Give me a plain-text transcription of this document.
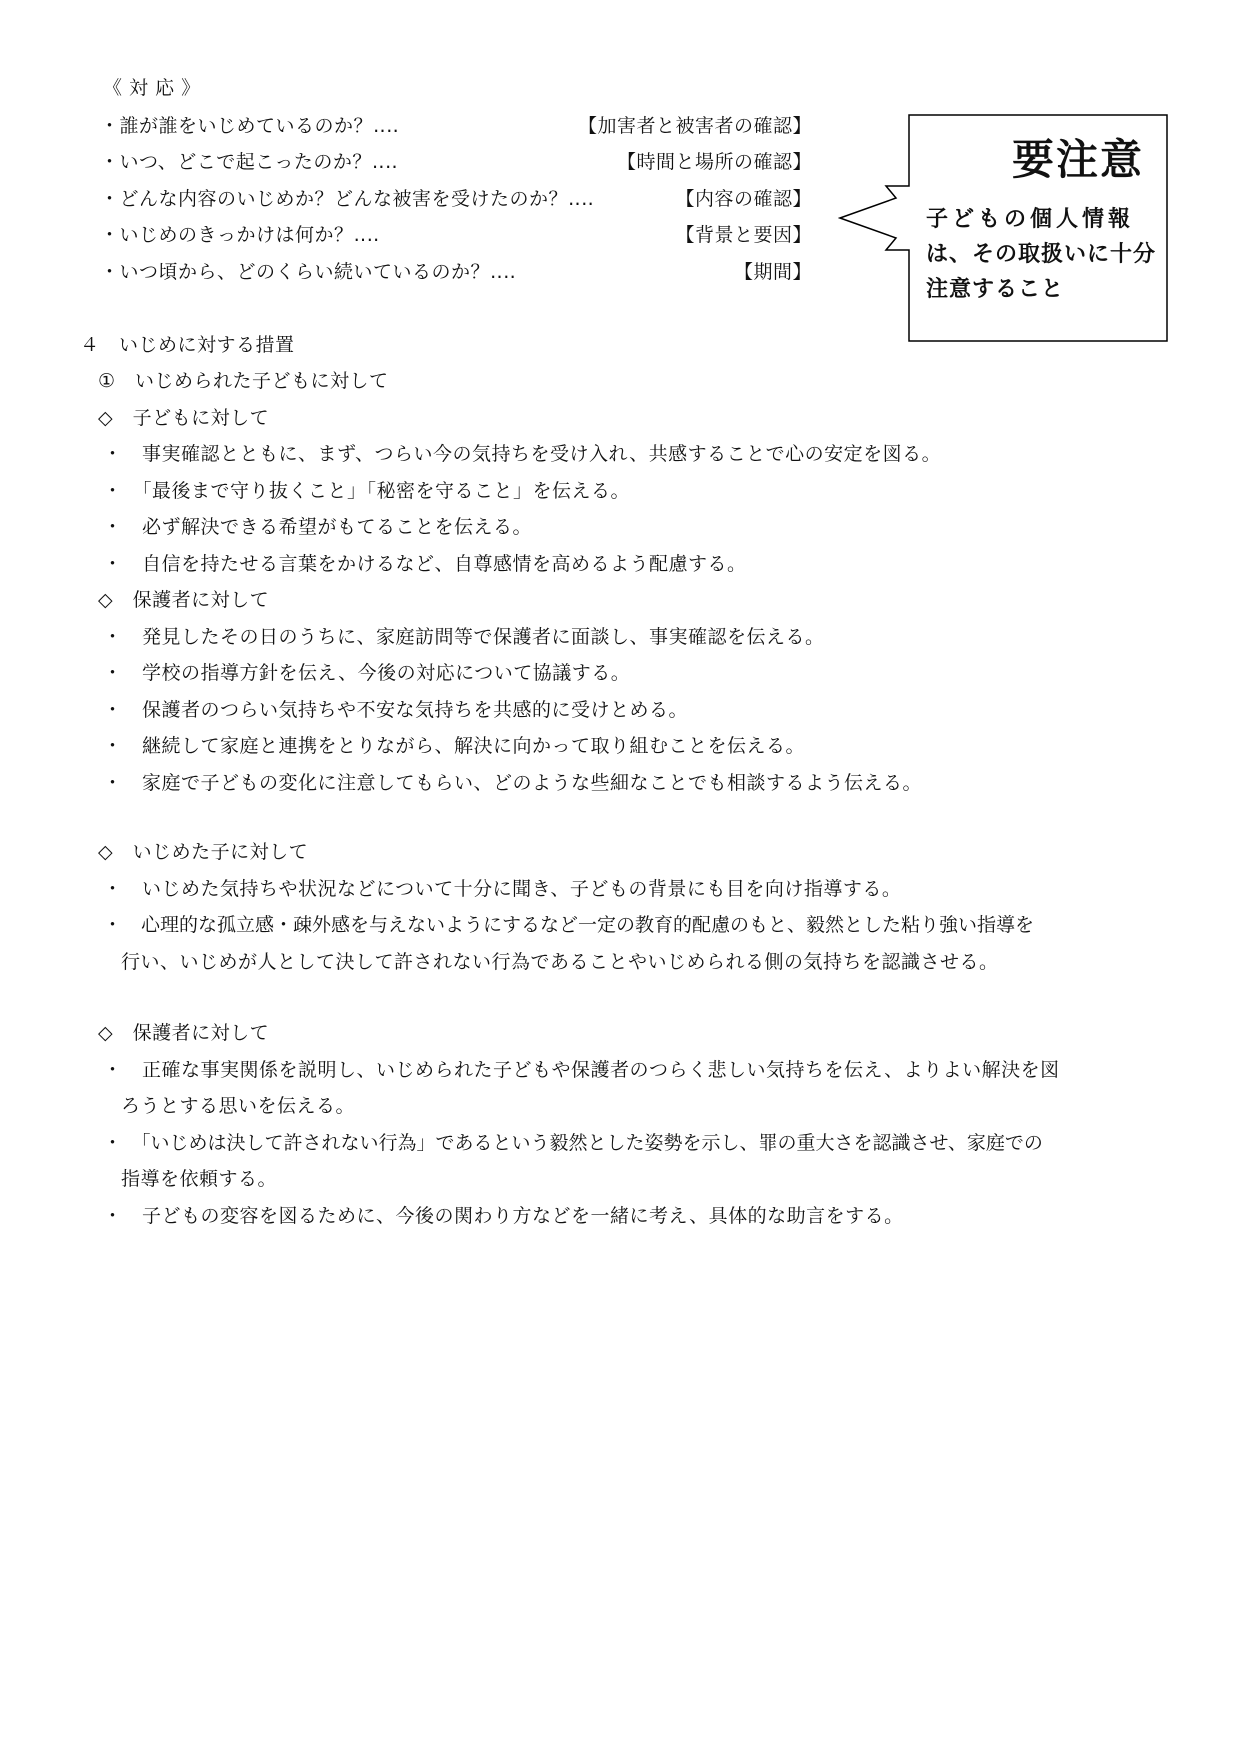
《 対 応 》
・誰が誰をいじめているのか？‥‥	【加害者と被害者の確認】
・いつ、どこで起こったのか？‥‥	【時間と場所の確認】
・どんな内容のいじめか？どんな被害を受けたのか？‥‥	【内容の確認】
・いじめのきっかけは何か？‥‥	【背景と要因】
・いつ頃から、どのくらい続いているのか？‥‥	【期間】
要注意
子どもの個人情報
は、その取扱いに十分
注意すること
４　いじめに対する措置
①　いじめられた子どもに対して
◇　子どもに対して
・　事実確認とともに、まず、つらい今の気持ちを受け入れ、共感することで心の安定を図る。
・　「最後まで守り抜くこと」「秘密を守ること」を伝える。
・　必ず解決できる希望がもてることを伝える。
・　自信を持たせる言葉をかけるなど、自尊感情を高めるよう配慮する。
◇　保護者に対して
・　発見したその日のうちに、家庭訪問等で保護者に面談し、事実確認を伝える。
・　学校の指導方針を伝え、今後の対応について協議する。
・　保護者のつらい気持ちや不安な気持ちを共感的に受けとめる。
・　継続して家庭と連携をとりながら、解決に向かって取り組むことを伝える。
・　家庭で子どもの変化に注意してもらい、どのような些細なことでも相談するよう伝える。
◇　いじめた子に対して
・　いじめた気持ちや状況などについて十分に聞き、子どもの背景にも目を向け指導する。
・　心理的な孤立感・疎外感を与えないようにするなど一定の教育的配慮のもと、毅然とした粘り強い指導を
行い、いじめが人として決して許されない行為であることやいじめられる側の気持ちを認識させる。
◇　保護者に対して
・　正確な事実関係を説明し、いじめられた子どもや保護者のつらく悲しい気持ちを伝え、よりよい解決を図
ろうとする思いを伝える。
・　「いじめは決して許されない行為」であるという毅然とした姿勢を示し、罪の重大さを認識させ、家庭での
指導を依頼する。
・　子どもの変容を図るために、今後の関わり方などを一緒に考え、具体的な助言をする。
